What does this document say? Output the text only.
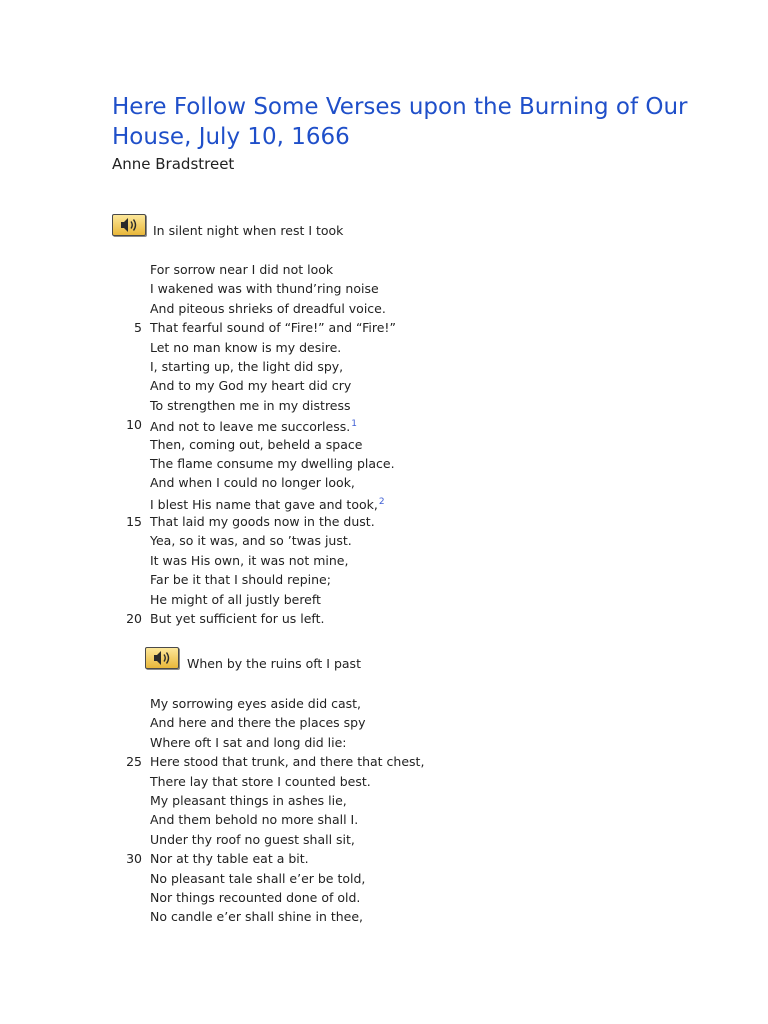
Here Follow Some Verses upon the Burning of Our House, July 10, 1666
Anne Bradstreet
In silent night when rest I took
For sorrow near I did not look
I wakened was with thund’ring noise
And piteous shrieks of dreadful voice.
5 That fearful sound of “Fire!” and “Fire!”
Let no man know is my desire.
I, starting up, the light did spy,
And to my God my heart did cry
To strengthen me in my distress
10 And not to leave me succorless.$^1$
Then, coming out, beheld a space
The flame consume my dwelling place.
And when I could no longer look,
I blest His name that gave and took,$^2$
15 That laid my goods now in the dust.
Yea, so it was, and so ’twas just.
It was His own, it was not mine,
Far be it that I should repine;
He might of all justly bereft
20 But yet sufficient for us left.
When by the ruins oft I past
My sorrowing eyes aside did cast,
And here and there the places spy
Where oft I sat and long did lie:
25 Here stood that trunk, and there that chest,
There lay that store I counted best.
My pleasant things in ashes lie,
And them behold no more shall I.
Under thy roof no guest shall sit,
30 Nor at thy table eat a bit.
No pleasant tale shall e’er be told,
Nor things recounted done of old.
No candle e’er shall shine in thee,
